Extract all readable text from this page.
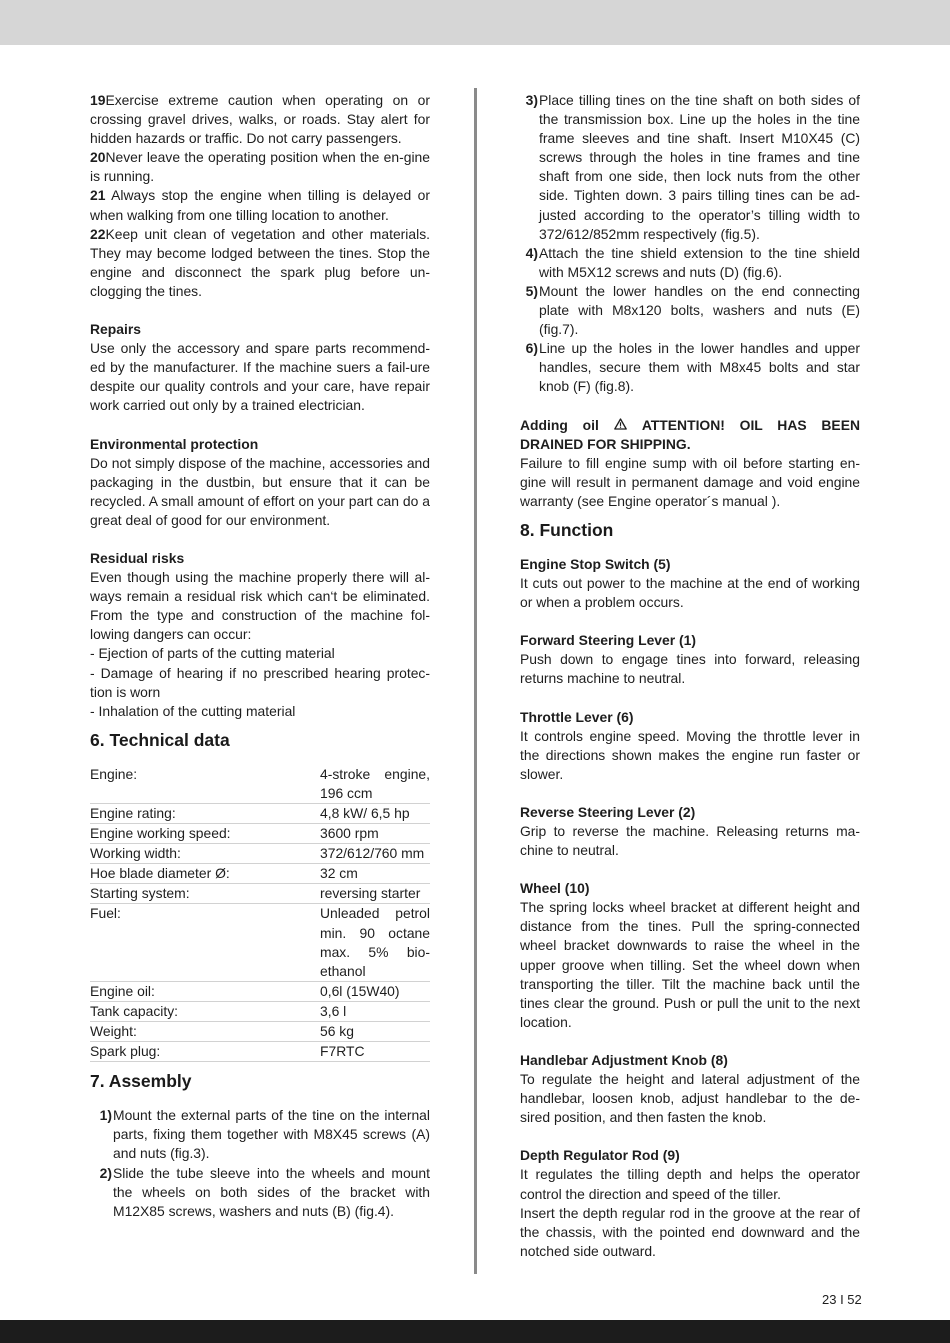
19Exercise extreme caution when operating on or crossing gravel drives, walks, or roads. Stay alert for hidden hazards or traffic. Do not carry passengers.

20Never leave the operating position when the en-gine is running.

21 Always stop the engine when tilling is delayed or when walking from one tilling location to another.

22Keep unit clean of vegetation and other materials. They may become lodged between the tines. Stop the engine and disconnect the spark plug before un-clogging the tines.

Repairs

Use only the accessory and spare parts recommend-ed by the manufacturer. If the machine suers a fail-ure despite our quality controls and your care, have repair work carried out only by a trained electrician.

Environmental protection

Do not simply dispose of the machine, accessories and packaging in the dustbin, but ensure that it can be recycled. A small amount of effort on your part can do a great deal of good for our environment.

Residual risks

Even though using the machine properly there will al-ways remain a residual risk which can‘t be eliminated. From the type and construction of the machine fol-lowing dangers can occur:

- Ejection of parts of the cutting material

- Damage of hearing if no prescribed hearing protec-tion is worn

- Inhalation of the cutting material

6. Technical data
Engine:	4-stroke engine, 196 ccm
Engine rating:	4,8 kW/ 6,5 hp
Engine working speed:	3600 rpm
Working width:	372/612/760 mm
Hoe blade diameter Ø:	32 cm
Starting system:	reversing starter
Fuel:	Unleaded petrol min. 90 octane max. 5% bio-ethanol
Engine oil:	0,6l (15W40)
Tank capacity:	3,6 l
Weight:	56 kg
Spark plug:	F7RTC
7. Assembly
1) Mount the external parts of the tine on the internal parts, fixing them together with M8X45 screws (A) and nuts (fig.3).
2) Slide the tube sleeve into the wheels and mount the wheels on both sides of the bracket with M12X85 screws, washers and nuts (B) (fig.4).
3) Place tilling tines on the tine shaft on both sides of the transmission box. Line up the holes in the tine frame sleeves and tine shaft. Insert M10X45 (C) screws through the holes in tine frames and tine shaft from one side, then lock nuts from the other side. Tighten down. 3 pairs tilling tines can be ad-justed according to the operator’s tilling width to 372/612/852mm respectively (fig.5).
4) Attach the tine shield extension to the tine shield with M5X12 screws and nuts (D) (fig.6).
5) Mount the lower handles on the end connecting plate with M8x120 bolts, washers and nuts (E) (fig.7).
6) Line up the holes in the lower handles and upper handles, secure them with M8x45 bolts and star knob (F) (fig.8).

Adding oil	ATTENTION! OIL HAS BEEN DRAINED FOR SHIPPING.

Failure to fill engine sump with oil before starting en-gine will result in permanent damage and void engine warranty (see Engine operator´s manual ).

8. Function

Engine Stop Switch (5)

It cuts out power to the machine at the end of working or when a problem occurs.

Forward Steering Lever (1)

Push down to engage tines into forward, releasing returns machine to neutral.

Throttle Lever (6)

It controls engine speed. Moving the throttle lever in the directions shown makes the engine run faster or slower.

Reverse Steering Lever (2)

Grip to reverse the machine. Releasing returns ma-chine to neutral.

Wheel (10)

The spring locks wheel bracket at different height and distance from the tines. Pull the spring-connected wheel bracket downwards to raise the wheel in the upper groove when tilling. Set the wheel down when transporting the tiller. Tilt the machine back until the tines clear the ground. Push or pull the unit to the next location.

Handlebar Adjustment Knob (8)

To regulate the height and lateral adjustment of the handlebar, loosen knob, adjust handlebar to the de-sired position, and then fasten the knob.

Depth Regulator Rod (9)

It regulates the tilling depth and helps the operator control the direction and speed of the tiller.

Insert the depth regular rod in the groove at the rear of the chassis, with the pointed end downward and the notched side outward.

23 I 52
